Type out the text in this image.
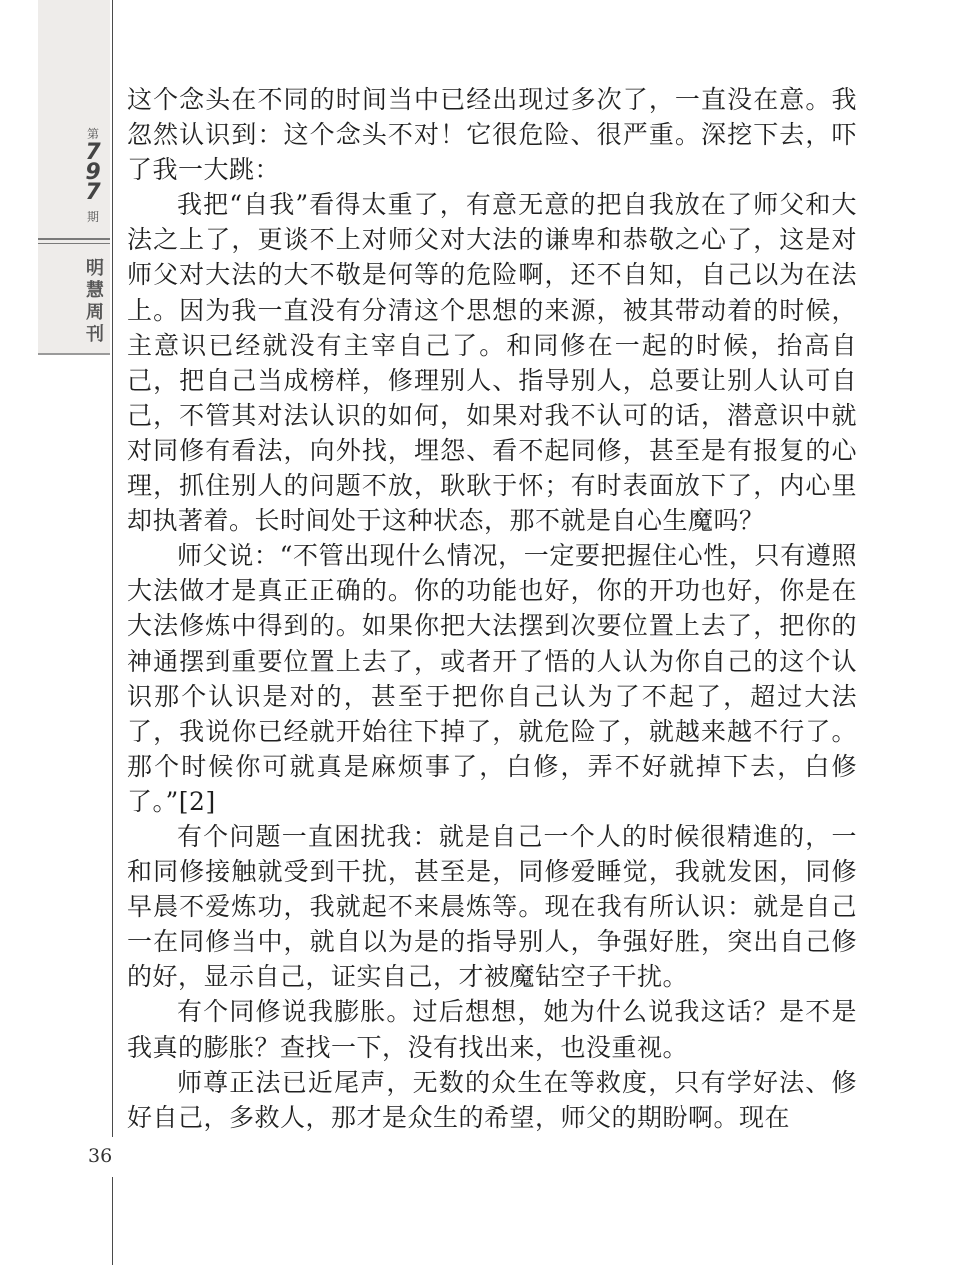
第
7
9
7
期
明
慧
周
刊
36

这个念头在不同的时间当中已经出现过多次了，一直没在意。我忽然认识到：这个念头不对！它很危险、很严重。深挖下去，吓了我一大跳：

我把“自我”看得太重了，有意无意的把自我放在了师父和大法之上了，更谈不上对师父对大法的谦卑和恭敬之心了，这是对师父对大法的大不敬是何等的危险啊，还不自知，自己以为在法上。因为我一直没有分清这个思想的来源，被其带动着的时候，主意识已经就没有主宰自己了。和同修在一起的时候，抬高自己，把自己当成榜样，修理别人、指导别人，总要让别人认可自己，不管其对法认识的如何，如果对我不认可的话，潜意识中就对同修有看法，向外找，埋怨、看不起同修，甚至是有报复的心理，抓住别人的问题不放，耿耿于怀；有时表面放下了，内心里却执著着。长时间处于这种状态，那不就是自心生魔吗？

师父说：“不管出现什么情况，一定要把握住心性，只有遵照大法做才是真正正确的。你的功能也好，你的开功也好，你是在大法修炼中得到的。如果你把大法摆到次要位置上去了，把你的神通摆到重要位置上去了，或者开了悟的人认为你自己的这个认识那个认识是对的，甚至于把你自己认为了不起了，超过大法了，我说你已经就开始往下掉了，就危险了，就越来越不行了。那个时候你可就真是麻烦事了，白修，弄不好就掉下去，白修了。”[2]

有个问题一直困扰我：就是自己一个人的时候很精進的，一和同修接触就受到干扰，甚至是，同修爱睡觉，我就发困，同修早晨不爱炼功，我就起不来晨炼等。现在我有所认识：就是自己一在同修当中，就自以为是的指导别人，争强好胜，突出自己修的好，显示自己，证实自己，才被魔钻空子干扰。

有个同修说我膨胀。过后想想，她为什么说我这话？是不是我真的膨胀？查找一下，没有找出来，也没重视。

师尊正法已近尾声，无数的众生在等救度，只有学好法、修好自己，多救人，那才是众生的希望，师父的期盼啊。现在
